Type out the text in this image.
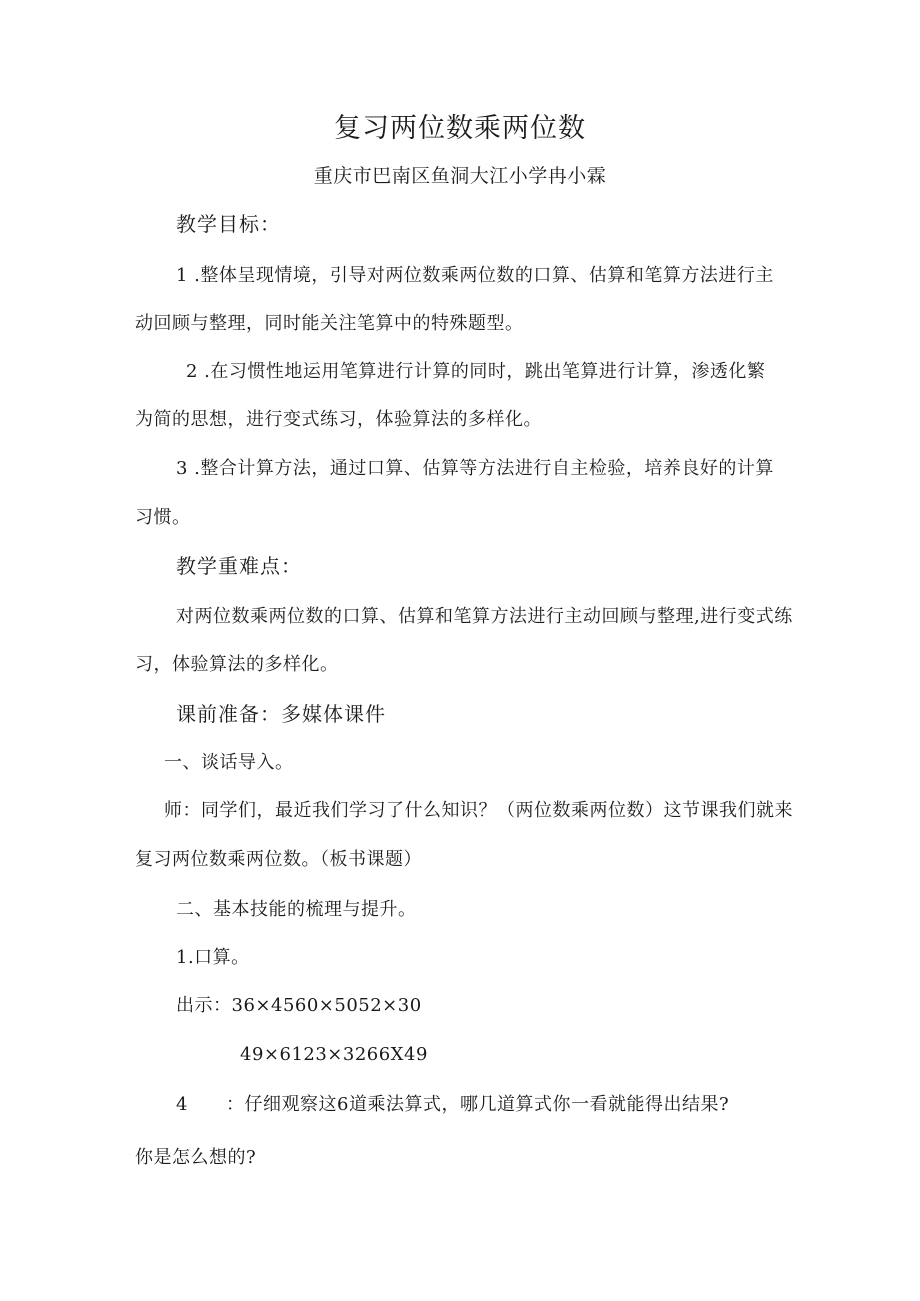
复习两位数乘两位数
重庆市巴南区鱼洞大江小学冉小霖
教学目标：
1 .整体呈现情境，引导对两位数乘两位数的口算、估算和笔算方法进行主
动回顾与整理，同时能关注笔算中的特殊题型。
2 .在习惯性地运用笔算进行计算的同时，跳出笔算进行计算，渗透化繁
为简的思想，进行变式练习，体验算法的多样化。
3 .整合计算方法，通过口算、估算等方法进行自主检验，培养良好的计算
习惯。
教学重难点：
对两位数乘两位数的口算、估算和笔算方法进行主动回顾与整理,进行变式练
习，体验算法的多样化。
课前准备：多媒体课件
一、谈话导入。
师：同学们，最近我们学习了什么知识？（两位数乘两位数）这节课我们就来
复习两位数乘两位数。（板书课题）
二、基本技能的梳理与提升。
1.口算。
出示：36×4560×5052×30
49×6123×3266X49
4 ：仔细观察这6道乘法算式，哪几道算式你一看就能得出结果?
你是怎么想的?
